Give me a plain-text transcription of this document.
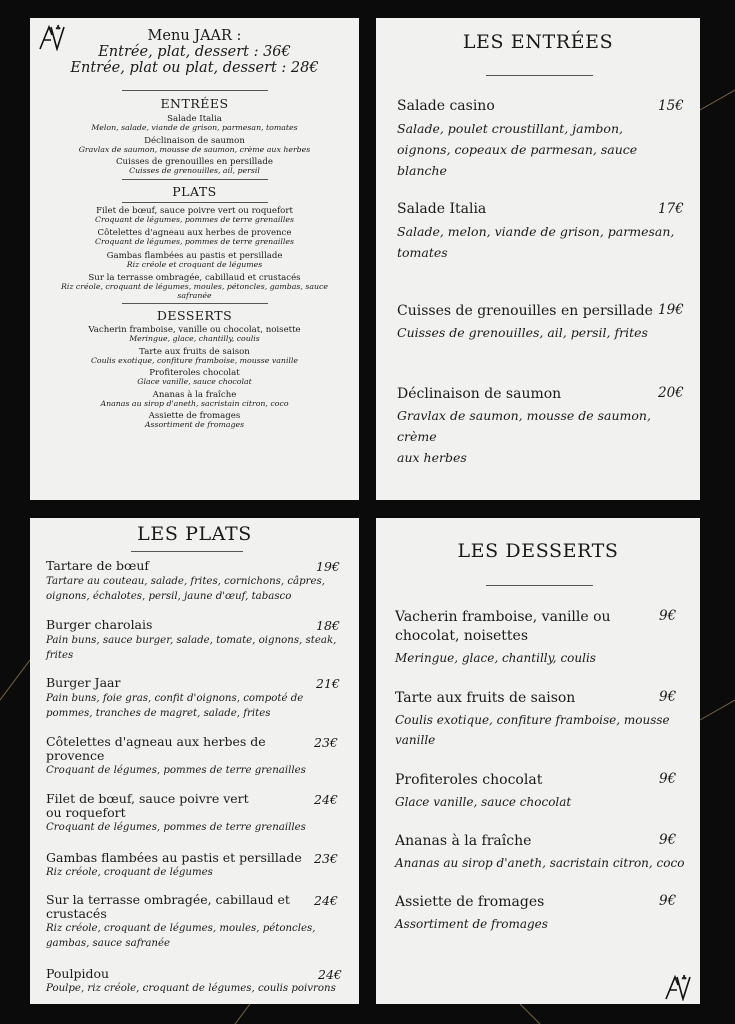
♣	Menu JAAR :
Entrée, plat, dessert : 36€
Entrée, plat ou plat, dessert : 28€
ENTRÉES
Salade Italia
Melon, salade, viande de grison, parmesan, tomates
Déclinaison de saumon
Gravlax de saumon, mousse de saumon, crème aux herbes
Cuisses de grenouilles en persillade
Cuisses de grenouilles, ail, persil
PLATS
Filet de bœuf, sauce poivre vert ou roquefort
Croquant de légumes, pommes de terre grenailles
Côtelettes d'agneau aux herbes de provence
Croquant de légumes, pommes de terre grenailles
Gambas flambées au pastis et persillade
Riz créole et croquant de légumes
Sur la terrasse ombragée, cabillaud et crustacés
Riz créole, croquant de légumes, moules, pétoncles, gambas, sauce
safranée
DESSERTS
Vacherin framboise, vanille ou chocolat, noisette
Meringue, glace, chantilly, coulis
Tarte aux fruits de saison
Coulis exotique, confiture framboise, mousse vanille
Profiteroles chocolat
Glace vanille, sauce chocolat
Ananas à la fraîche
Ananas au sirop d'aneth, sacristain citron, coco
Assiette de fromages
Assortiment de fromages
LES ENTRÉES
Salade casino
Salade, poulet croustillant, jambon,
oignons, copeaux de parmesan, sauce blanche
15€
Salade Italia
Salade, melon, viande de grison, parmesan,
tomates
17€
Cuisses de grenouilles en persillade
Cuisses de grenouilles, ail, persil, frites
19€
Déclinaison de saumon
Gravlax de saumon, mousse de saumon, crème
aux herbes
20€
LES PLATS
Tartare de bœuf
Tartare au couteau, salade, frites, cornichons, câpres,
oignons, échalotes, persil, jaune d'œuf, tabasco
19€
Burger charolais
Pain buns, sauce burger, salade, tomate, oignons, steak,
frites
18€
Burger Jaar
Pain buns, foie gras, confit d'oignons, compoté de
pommes, tranches de magret, salade, frites
21€
Côtelettes d'agneau aux herbes de
provence
Croquant de légumes, pommes de terre grenailles
23€
Filet de bœuf, sauce poivre vert
ou roquefort
Croquant de légumes, pommes de terre grenailles
24€
Gambas flambées au pastis et persillade
Riz créole, croquant de légumes
23€
Sur la terrasse ombragée, cabillaud et
crustacés
Riz créole, croquant de légumes, moules, pétoncles,
gambas, sauce safranée
24€
Poulpidou
Poulpe, riz créole, croquant de légumes, coulis poivrons
24€
LES DESSERTS
Vacherin framboise, vanille ou
chocolat, noisettes
Meringue, glace, chantilly, coulis
9€
Tarte aux fruits de saison
Coulis exotique, confiture framboise, mousse
vanille
9€
Profiteroles chocolat
Glace vanille, sauce chocolat
9€
Ananas à la fraîche
Ananas au sirop d'aneth, sacristain citron, coco
9€
Assiette de fromages
Assortiment de fromages
9€
♣
